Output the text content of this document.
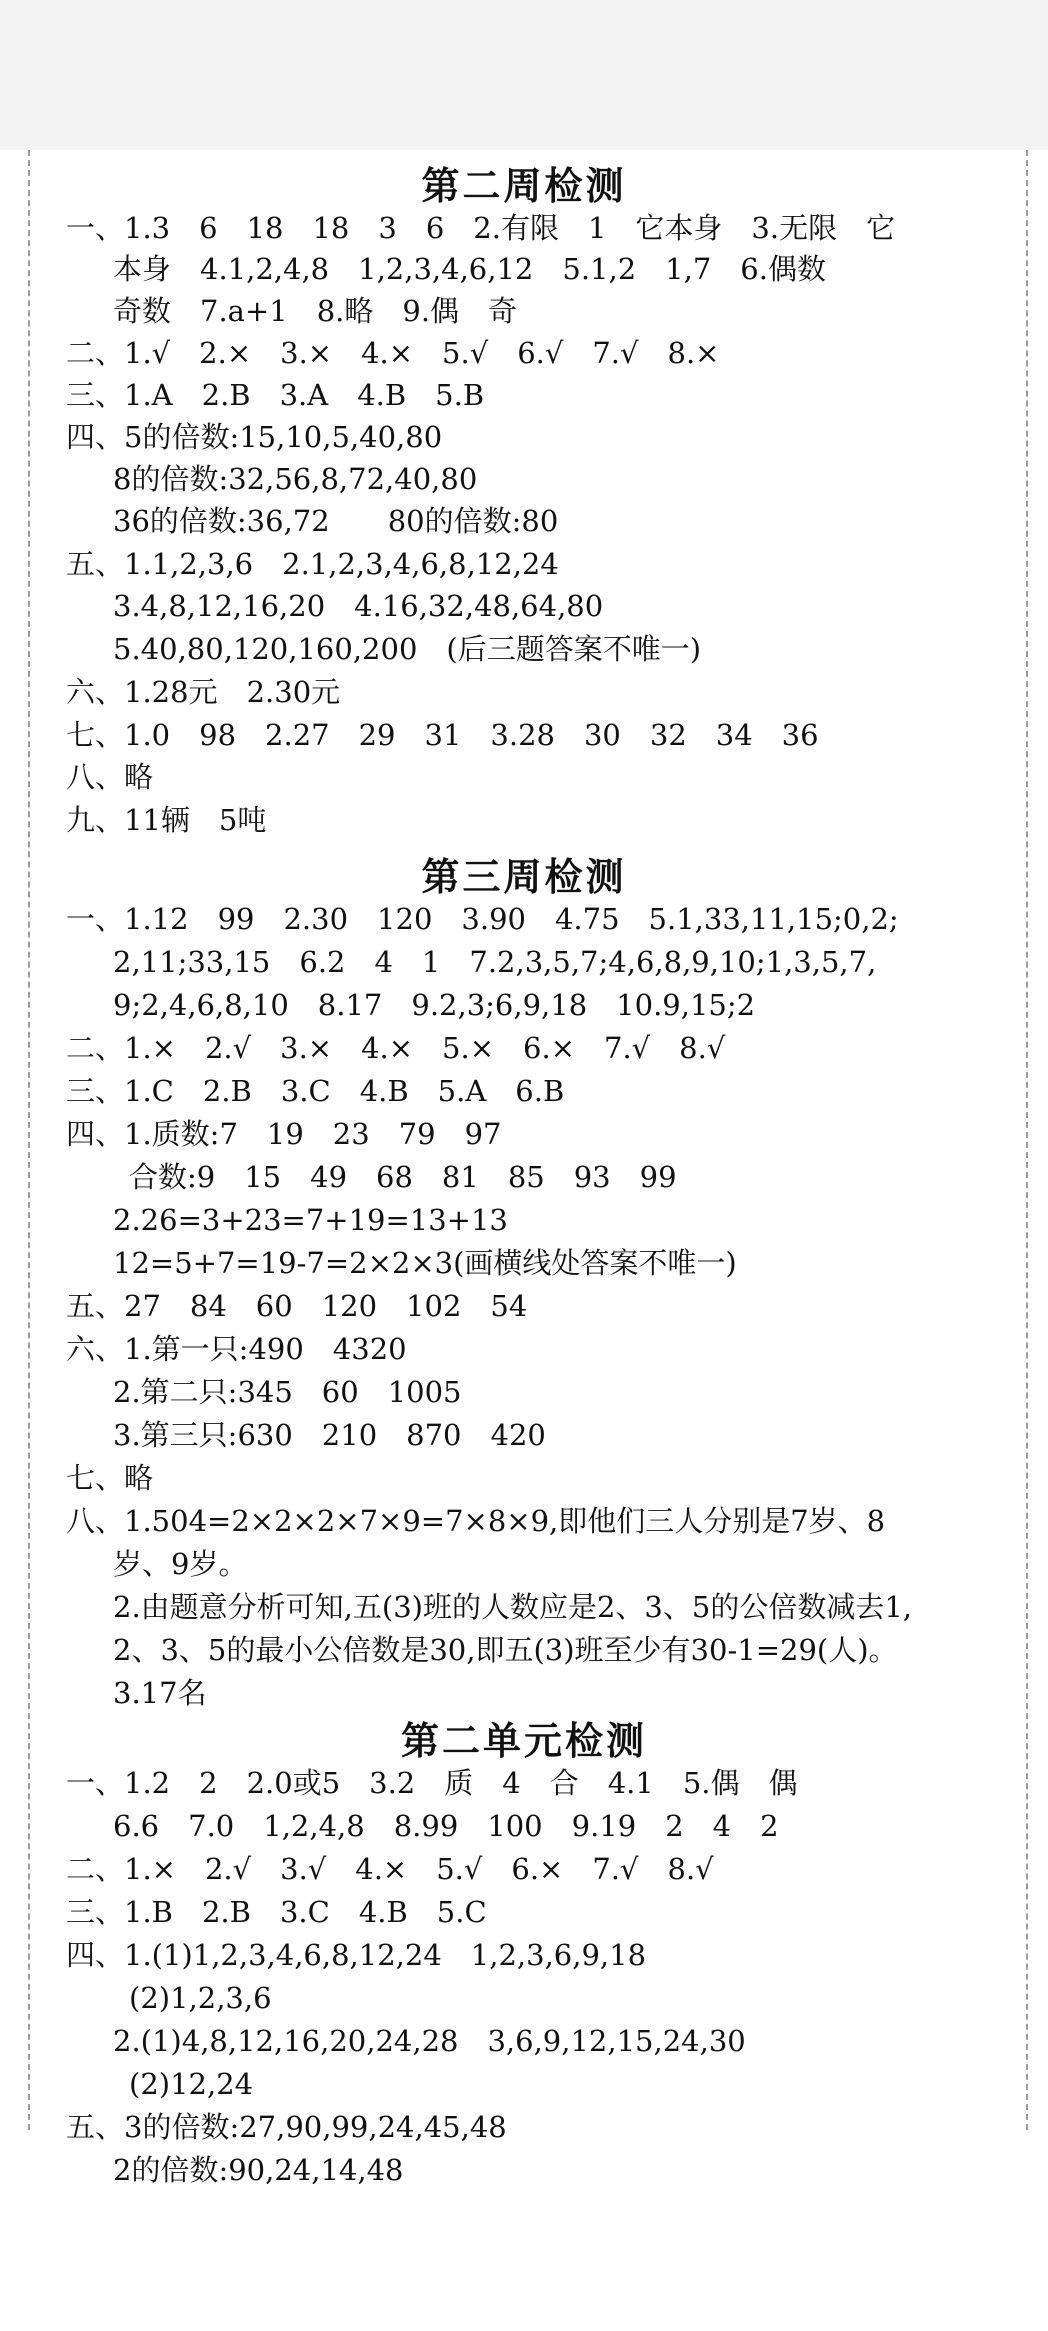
第二周检测
一、1.3　6　18　18　3　6　2.有限　1　它本身　3.无限　它
本身　4.1,2,4,8　1,2,3,4,6,12　5.1,2　1,7　6.偶数
奇数　7.a+1　8.略　9.偶　奇
二、1.√　2.×　3.×　4.×　5.√　6.√　7.√　8.×
三、1.A　2.B　3.A　4.B　5.B
四、5的倍数:15,10,5,40,80
8的倍数:32,56,8,72,40,80
36的倍数:36,72　　80的倍数:80
五、1.1,2,3,6　2.1,2,3,4,6,8,12,24
3.4,8,12,16,20　4.16,32,48,64,80
5.40,80,120,160,200　(后三题答案不唯一)
六、1.28元　2.30元
七、1.0　98　2.27　29　31　3.28　30　32　34　36
八、略
九、11辆　5吨
第三周检测
一、1.12　99　2.30　120　3.90　4.75　5.1,33,11,15;0,2;
2,11;33,15　6.2　4　1　7.2,3,5,7;4,6,8,9,10;1,3,5,7,
9;2,4,6,8,10　8.17　9.2,3;6,9,18　10.9,15;2
二、1.×　2.√　3.×　4.×　5.×　6.×　7.√　8.√
三、1.C　2.B　3.C　4.B　5.A　6.B
四、1.质数:7　19　23　79　97
合数:9　15　49　68　81　85　93　99
2.26=3+23=7+19=13+13
12=5+7=19-7=2×2×3(画横线处答案不唯一)
五、27　84　60　120　102　54
六、1.第一只:490　4320
2.第二只:345　60　1005
3.第三只:630　210　870　420
七、略
八、1.504=2×2×2×7×9=7×8×9,即他们三人分别是7岁、8
岁、9岁。
2.由题意分析可知,五(3)班的人数应是2、3、5的公倍数减去1,
2、3、5的最小公倍数是30,即五(3)班至少有30-1=29(人)。
3.17名
第二单元检测
一、1.2　2　2.0或5　3.2　质　4　合　4.1　5.偶　偶
6.6　7.0　1,2,4,8　8.99　100　9.19　2　4　2
二、1.×　2.√　3.√　4.×　5.√　6.×　7.√　8.√
三、1.B　2.B　3.C　4.B　5.C
四、1.(1)1,2,3,4,6,8,12,24　1,2,3,6,9,18
(2)1,2,3,6
2.(1)4,8,12,16,20,24,28　3,6,9,12,15,24,30
(2)12,24
五、3的倍数:27,90,99,24,45,48
2的倍数:90,24,14,48
